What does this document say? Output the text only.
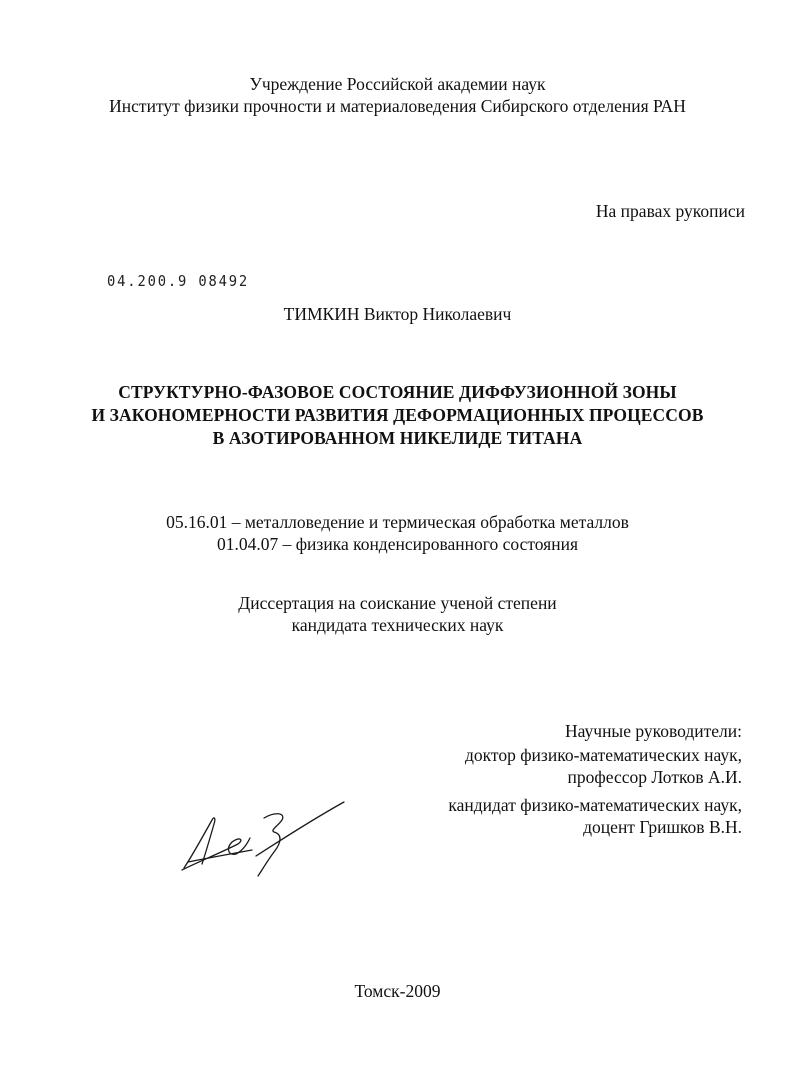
Учреждение Российской академии наук
Институт физики прочности и материаловедения Сибирского отделения РАН
На правах рукописи
04.200.9 08492
ТИМКИН Виктор Николаевич
СТРУКТУРНО-ФАЗОВОЕ СОСТОЯНИЕ ДИФФУЗИОННОЙ ЗОНЫ
И ЗАКОНОМЕРНОСТИ РАЗВИТИЯ ДЕФОРМАЦИОННЫХ ПРОЦЕССОВ
В АЗОТИРОВАННОМ НИКЕЛИДЕ ТИТАНА
05.16.01 – металловедение и термическая обработка металлов
01.04.07 – физика конденсированного состояния
Диссертация на соискание ученой степени
кандидата технических наук
Научные руководители:
доктор физико-математических наук,
профессор Лотков А.И.
кандидат физико-математических наук,
доцент Гришков В.Н.
Томск-2009
